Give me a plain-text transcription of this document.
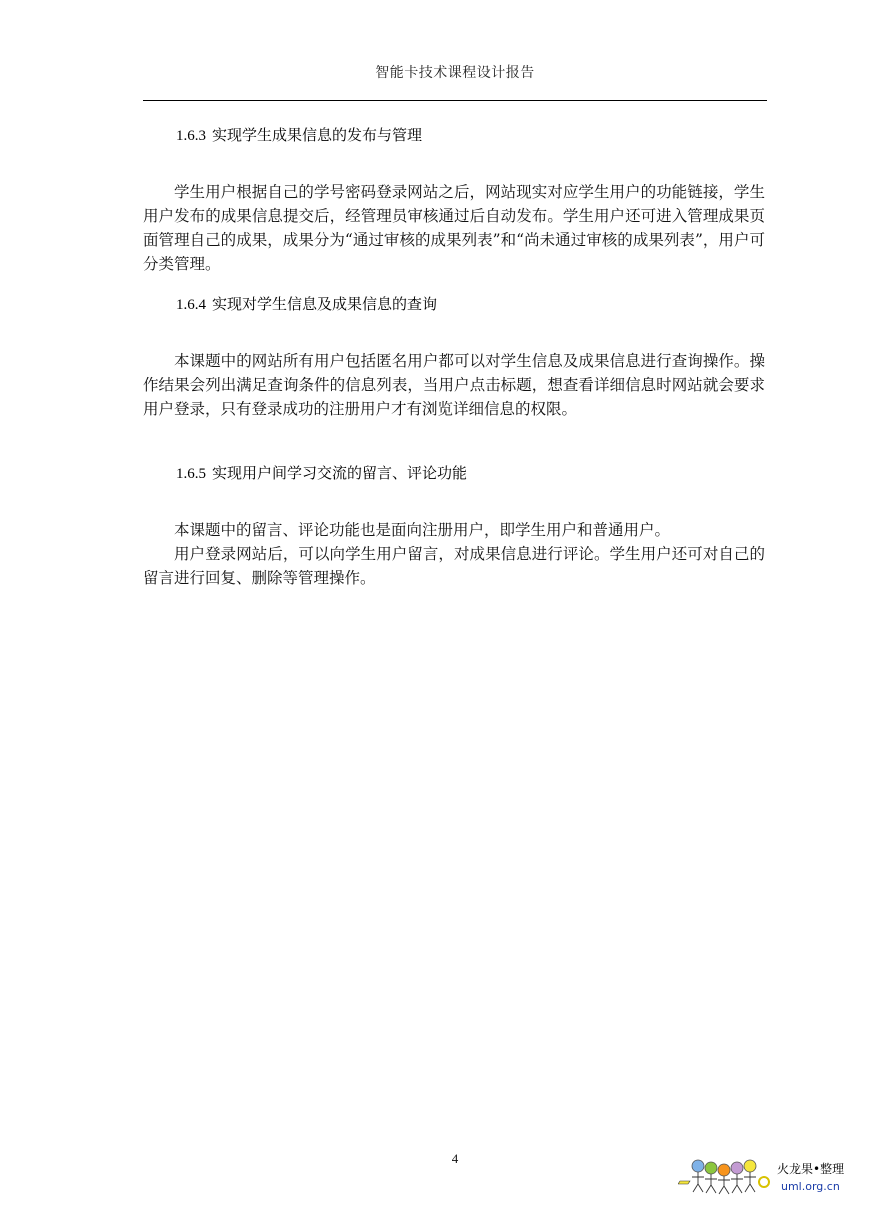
智能卡技术课程设计报告
1.6.3 实现学生成果信息的发布与管理

学生用户根据自己的学号密码登录网站之后，网站现实对应学生用户的功能链接，学生用户发布的成果信息提交后，经管理员审核通过后自动发布。学生用户还可进入管理成果页面管理自己的成果，成果分为“通过审核的成果列表”和“尚未通过审核的成果列表”，用户可分类管理。

1.6.4 实现对学生信息及成果信息的查询

本课题中的网站所有用户包括匿名用户都可以对学生信息及成果信息进行查询操作。操作结果会列出满足查询条件的信息列表，当用户点击标题，想查看详细信息时网站就会要求用户登录，只有登录成功的注册用户才有浏览详细信息的权限。

1.6.5 实现用户间学习交流的留言、评论功能

本课题中的留言、评论功能也是面向注册用户，即学生用户和普通用户。

用户登录网站后，可以向学生用户留言，对成果信息进行评论。学生用户还可对自己的留言进行回复、删除等管理操作。

4
火龙果•整理
uml.org.cn
